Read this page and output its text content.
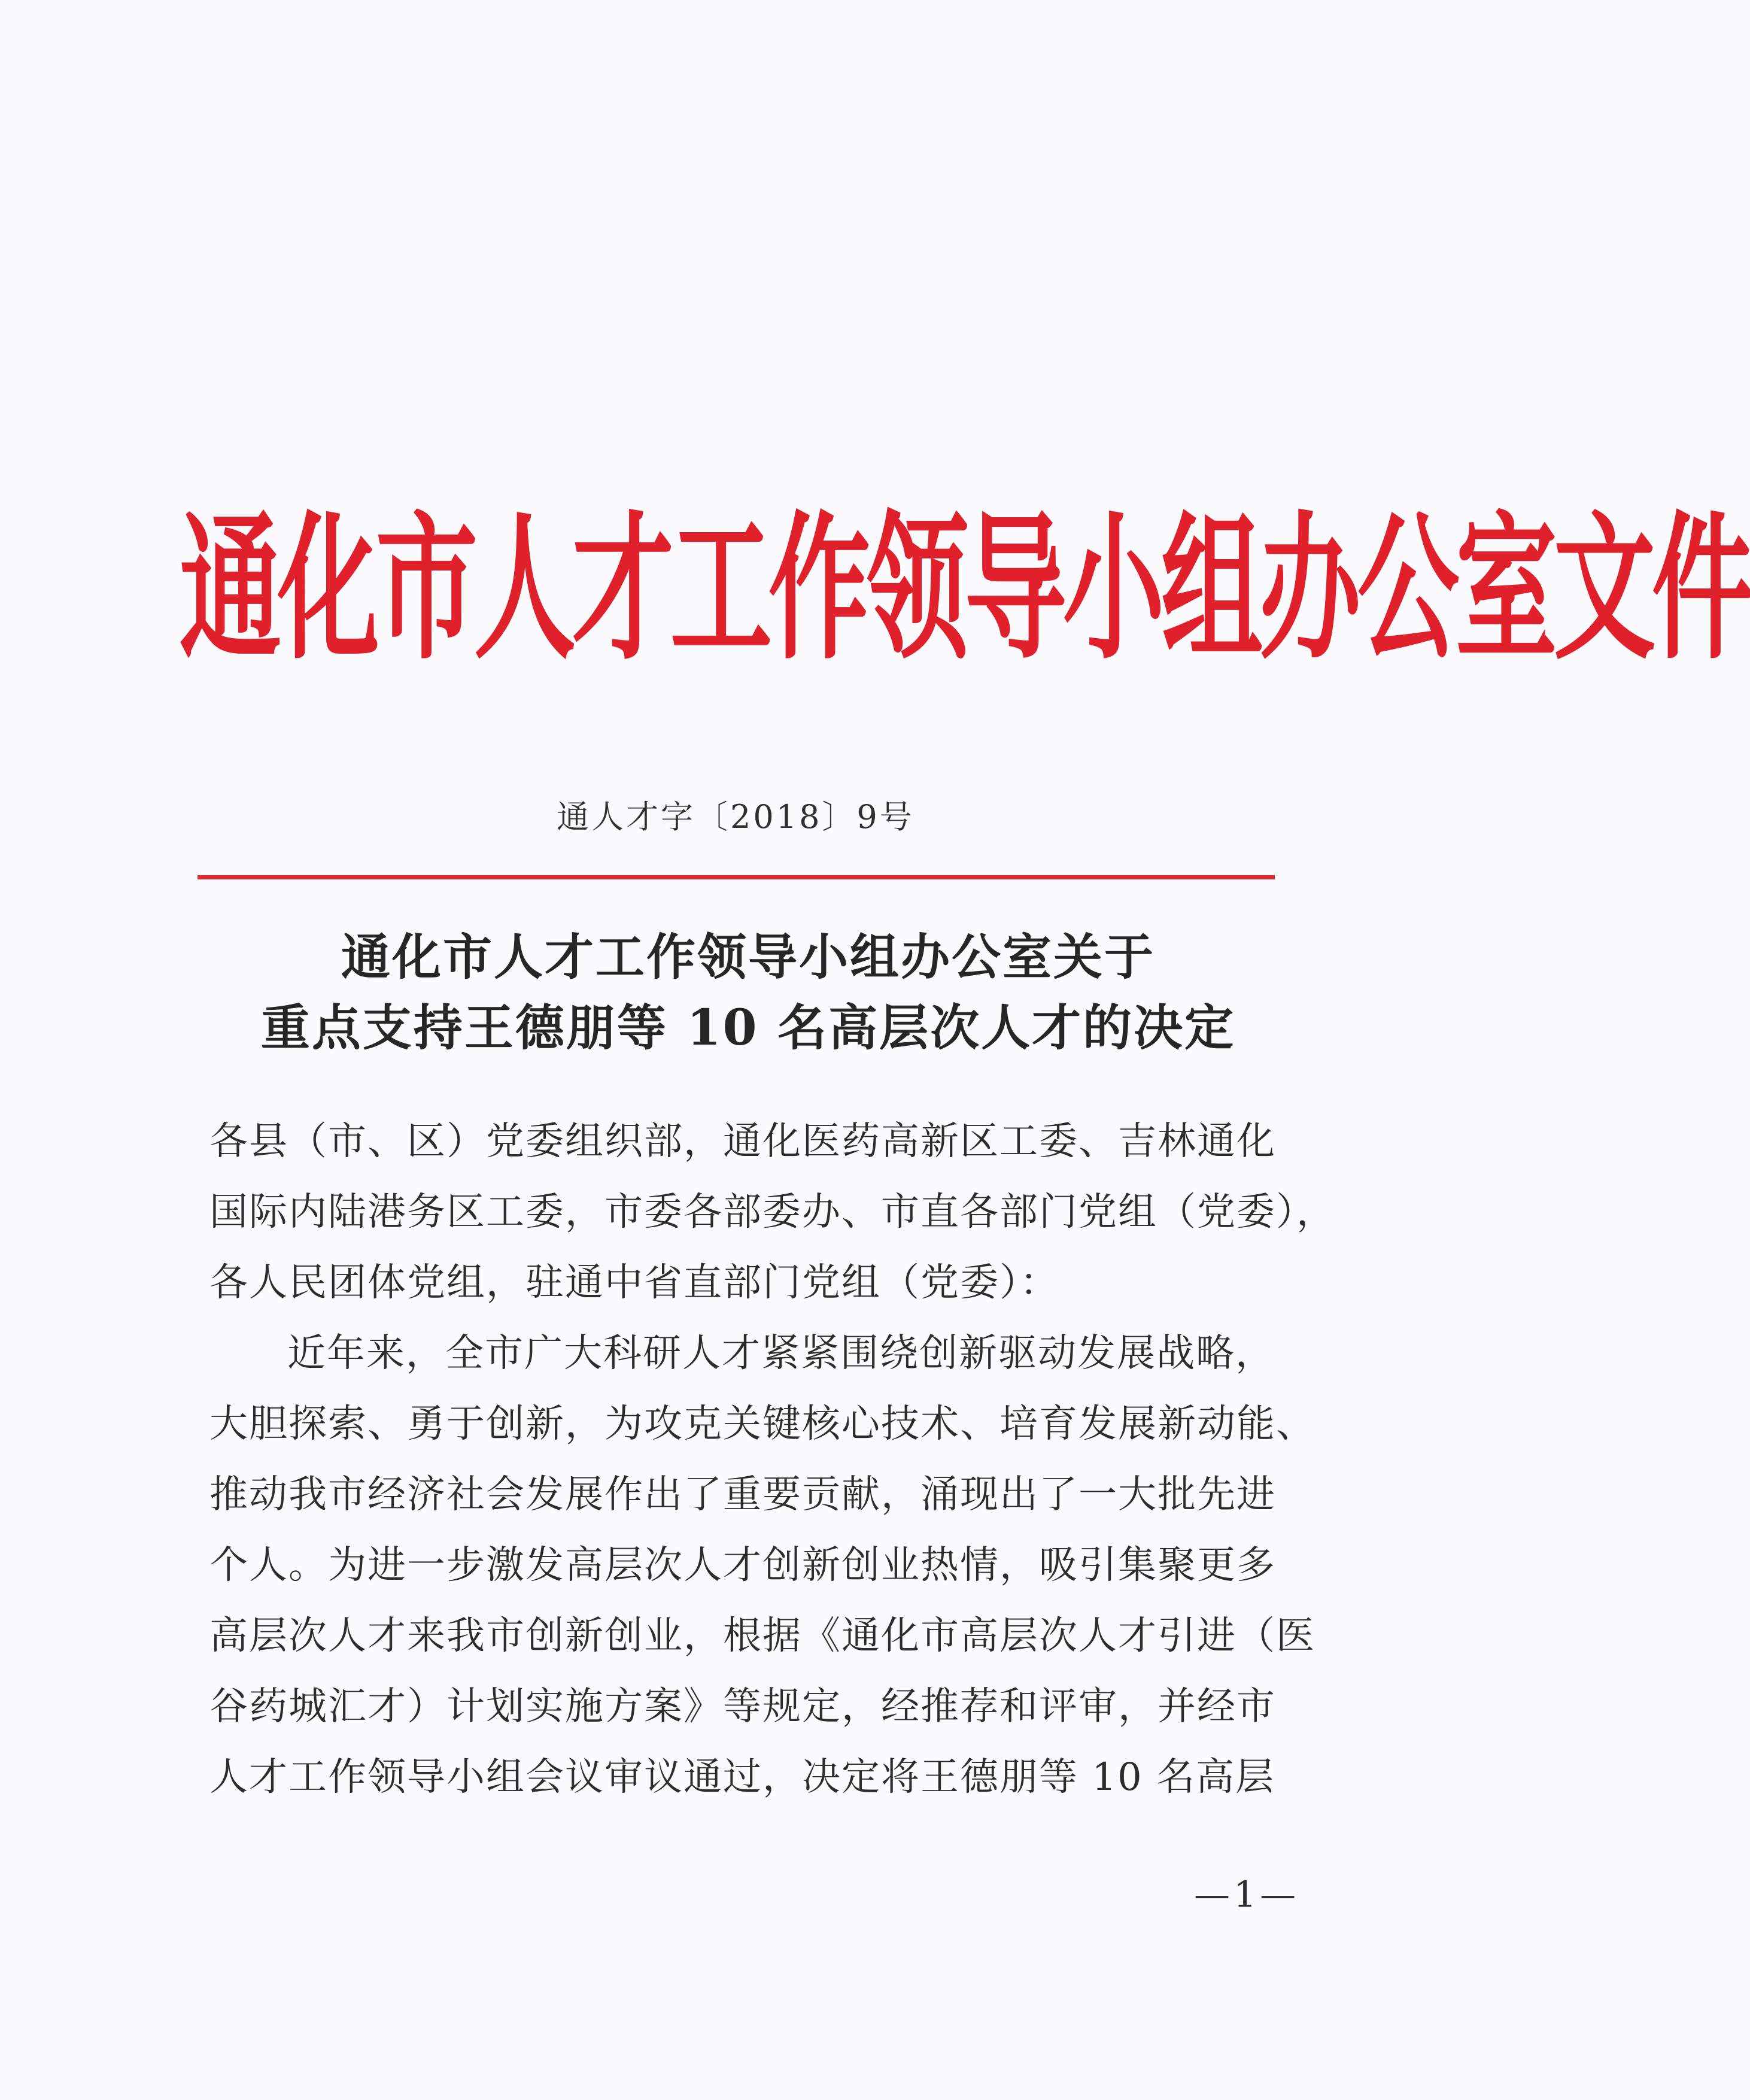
通化市人才工作领导小组办公室文件
通人才字〔2018〕9号
通化市人才工作领导小组办公室关于
重点支持王德朋等 10 名高层次人才的决定

各县（市、区）党委组织部，通化医药高新区工委、吉林通化

国际内陆港务区工委，市委各部委办、市直各部门党组（党委），

各人民团体党组，驻通中省直部门党组（党委）：

近年来，全市广大科研人才紧紧围绕创新驱动发展战略，

大胆探索、勇于创新，为攻克关键核心技术、培育发展新动能、

推动我市经济社会发展作出了重要贡献，涌现出了一大批先进

个人。为进一步激发高层次人才创新创业热情，吸引集聚更多

高层次人才来我市创新创业，根据《通化市高层次人才引进（医

谷药城汇才）计划实施方案》等规定，经推荐和评审，并经市

人才工作领导小组会议审议通过，决定将王德朋等 10 名高层

—1—
